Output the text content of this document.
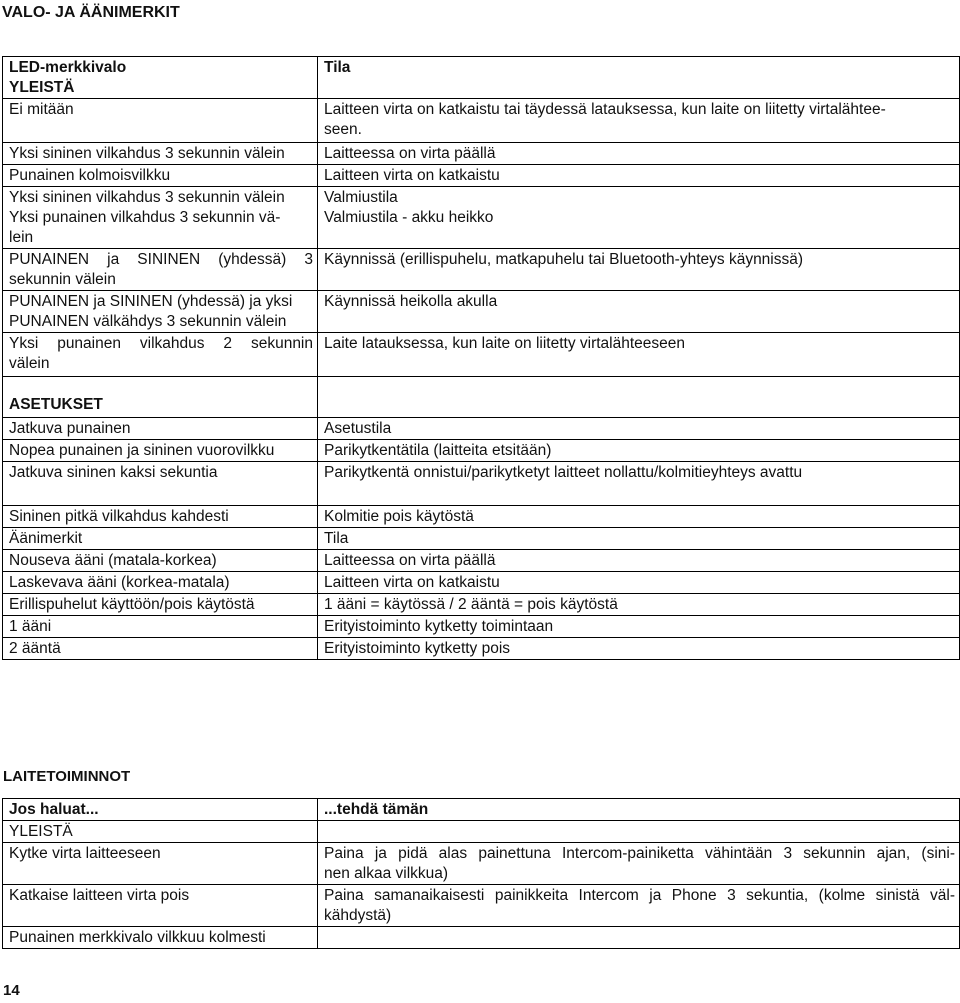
VALO- JA ÄÄNIMERKIT
LED-merkkivalo
YLEISTÄ	Tila

Ei mitään	Laitteen virta on katkaistu tai täydessä latauksessa, kun laite on liitetty virtalähtee-
seen.

Yksi sininen vilkahdus 3 sekunnin välein	Laitteessa on virta päällä

Punainen kolmoisvilkku	Laitteen virta on katkaistu

Yksi sininen vilkahdus 3 sekunnin välein
Yksi punainen vilkahdus 3 sekunnin vä-
lein	Valmiustila
Valmiustila - akku heikko

PUNAINEN ja SININEN (yhdessä) 3
sekunnin välein	Käynnissä (erillispuhelu, matkapuhelu tai Bluetooth-yhteys käynnissä)

PUNAINEN ja SININEN (yhdessä) ja yksi
PUNAINEN välkähdys 3 sekunnin välein	Käynnissä heikolla akulla

Yksi punainen vilkahdus 2 sekunnin
välein	Laite latauksessa, kun laite on liitetty virtalähteeseen

ASETUKSET	

Jatkuva punainen	Asetustila

Nopea punainen ja sininen vuorovilkku	Parikytkentätila (laitteita etsitään)

Jatkuva sininen kaksi sekuntia	Parikytkentä onnistui/parikytketyt laitteet nollattu/kolmitieyhteys avattu

Sininen pitkä vilkahdus kahdesti	Kolmitie pois käytöstä

Äänimerkit	Tila

Nouseva ääni (matala-korkea)	Laitteessa on virta päällä

Laskevava ääni (korkea-matala)	Laitteen virta on katkaistu

Erillispuhelut käyttöön/pois käytöstä	1 ääni = käytössä / 2 ääntä = pois käytöstä

1 ääni	Erityistoiminto kytketty toimintaan

2 ääntä	Erityistoiminto kytketty pois
LAITETOIMINNOT
Jos haluat...	...tehdä tämän

YLEISTÄ	

Kytke virta laitteeseen	Paina ja pidä alas painettuna Intercom-painiketta vähintään 3 sekunnin ajan, (sini-
nen alkaa vilkkua)

Katkaise laitteen virta pois	Paina samanaikaisesti painikkeita Intercom ja Phone 3 sekuntia, (kolme sinistä väl-
kähdystä)

Punainen merkkivalo vilkkuu kolmesti	

14
